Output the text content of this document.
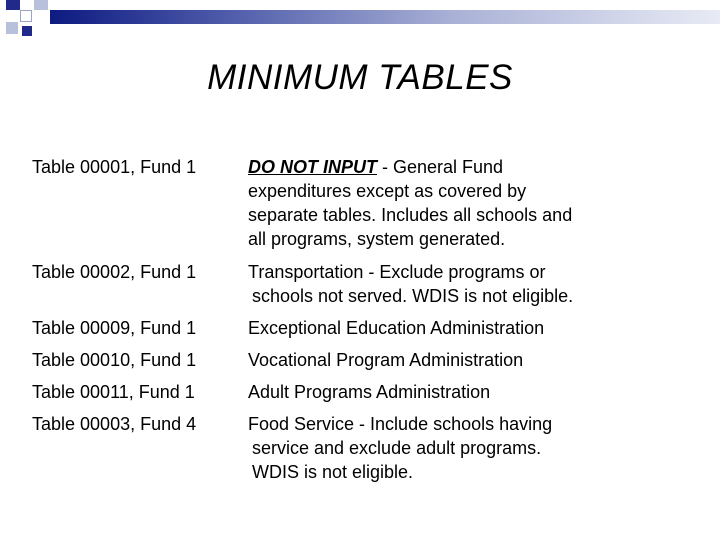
MINIMUM TABLES
Table 00001, Fund 1	DO NOT INPUT - General Fund
expenditures except as covered by
separate tables. Includes all schools and
all programs, system generated.
Table 00002, Fund 1	Transportation - Exclude programs or
schools not served. WDIS is not eligible.
Table 00009, Fund 1	Exceptional Education Administration
Table 00010, Fund 1	Vocational Program Administration
Table 00011, Fund 1	Adult Programs Administration
Table 00003, Fund 4	Food Service - Include schools having
service and exclude adult programs.
WDIS is not eligible.
